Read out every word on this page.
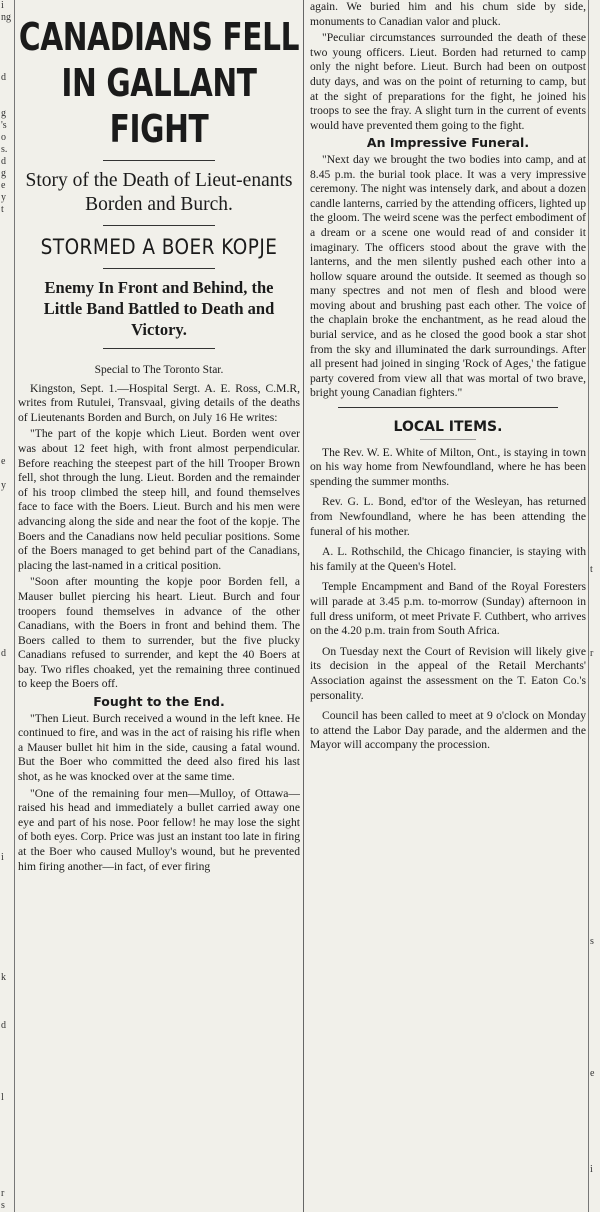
i
ng

d

g
's
o
s.
d
g
e
y
t

e

y

d

i

k

d

l

r
s

t

r

s

e

i

CANADIANS FELL
IN GALLANT FIGHT
Story of the Death of Lieut-enants Borden and Burch.
STORMED A BOER KOPJE
Enemy In Front and Behind, the Little Band Battled to Death and Victory.
Special to The Toronto Star.
Kingston, Sept. 1.—Hospital Sergt. A. E. Ross, C.M.R, writes from Rutulei, Transvaal, giving details of the deaths of Lieutenants Borden and Burch, on July 16 He writes:
"The part of the kopje which Lieut. Borden went over was about 12 feet high, with front almost perpendicular. Before reaching the steepest part of the hill Trooper Brown fell, shot through the lung. Lieut. Borden and the remainder of his troop climbed the steep hill, and found themselves face to face with the Boers. Lieut. Burch and his men were advancing along the side and near the foot of the kopje. The Boers and the Canadians now held peculiar positions. Some of the Boers managed to get behind part of the Canadians, placing the last-named in a critical position.
"Soon after mounting the kopje poor Borden fell, a Mauser bullet piercing his heart. Lieut. Burch and four troopers found themselves in advance of the other Canadians, with the Boers in front and behind them. The Boers called to them to surrender, but the five plucky Canadians refused to surrender, and kept the 40 Boers at bay. Two rifles choaked, yet the remaining three continued to keep the Boers off.
Fought to the End.
"Then Lieut. Burch received a wound in the left knee. He continued to fire, and was in the act of raising his rifle when a Mauser bullet hit him in the side, causing a fatal wound. But the Boer who committed the deed also fired his last shot, as he was knocked over at the same time.
"One of the remaining four men—Mulloy, of Ottawa—raised his head and immediately a bullet carried away one eye and part of his nose. Poor fellow! he may lose the sight of both eyes. Corp. Price was just an instant too late in firing at the Boer who caused Mulloy's wound, but he prevented him firing another—in fact, of ever firing
again. We buried him and his chum side by side, monuments to Canadian valor and pluck.
"Peculiar circumstances surrounded the death of these two young officers. Lieut. Borden had returned to camp only the night before. Lieut. Burch had been on outpost duty days, and was on the point of returning to camp, but at the sight of preparations for the fight, he joined his troops to see the fray. A slight turn in the current of events would have prevented them going to the fight.
An Impressive Funeral.
"Next day we brought the two bodies into camp, and at 8.45 p.m. the burial took place. It was a very impressive ceremony. The night was intensely dark, and about a dozen candle lanterns, carried by the attending officers, lighted up the gloom. The weird scene was the perfect embodiment of a dream or a scene one would read of and consider it imaginary. The officers stood about the grave with the lanterns, and the men silently pushed each other into a hollow square around the outside. It seemed as though so many spectres and not men of flesh and blood were moving about and brushing past each other. The voice of the chaplain broke the enchantment, as he read aloud the burial service, and as he closed the good book a star shot from the sky and illuminated the dark surroundings. After all present had joined in singing 'Rock of Ages,' the fatigue party covered from view all that was mortal of two brave, bright young Canadian fighters."
LOCAL ITEMS.
The Rev. W. E. White of Milton, Ont., is staying in town on his way home from Newfoundland, where he has been spending the summer months.
Rev. G. L. Bond, ed'tor of the Wesleyan, has returned from Newfoundland, where he has been attending the funeral of his mother.
A. L. Rothschild, the Chicago financier, is staying with his family at the Queen's Hotel.
Temple Encampment and Band of the Royal Foresters will parade at 3.45 p.m. to-morrow (Sunday) afternoon in full dress uniform, ot meet Private F. Cuthbert, who arrives on the 4.20 p.m. train from South Africa.
On Tuesday next the Court of Revision will likely give its decision in the appeal of the Retail Merchants' Association against the assessment on the T. Eaton Co.'s personality.
Council has been called to meet at 9 o'clock on Monday to attend the Labor Day parade, and the aldermen and the Mayor will accompany the procession.
